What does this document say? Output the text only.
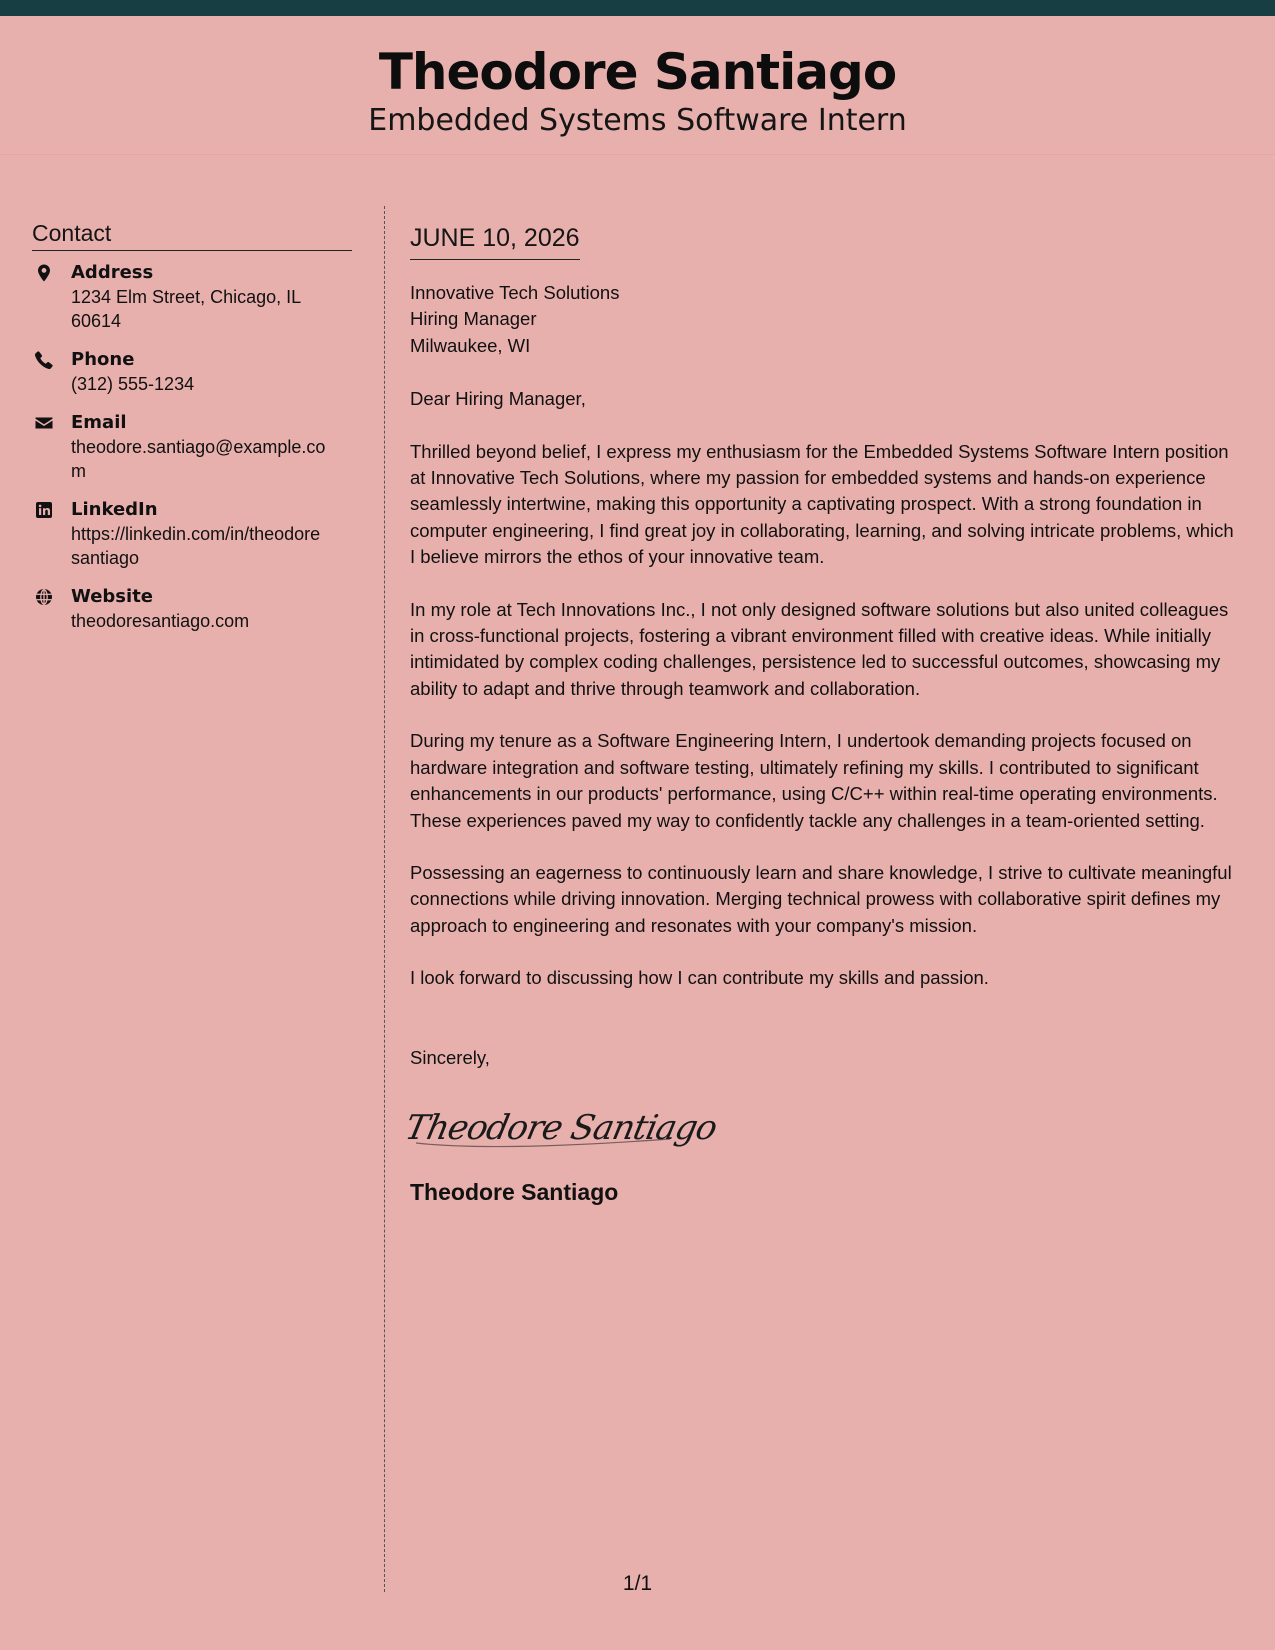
Theodore Santiago
Embedded Systems Software Intern
Contact
Address
1234 Elm Street, Chicago, IL
60614
Phone
(312) 555-1234
Email
theodore.santiago@example.co
m
LinkedIn
https://linkedin.com/in/theodore
santiago
Website
theodoresantiago.com
JUNE 10, 2026
Innovative Tech Solutions
Hiring Manager
Milwaukee, WI
Dear Hiring Manager,
Thrilled beyond belief, I express my enthusiasm for the Embedded Systems Software Intern position
at Innovative Tech Solutions, where my passion for embedded systems and hands-on experience
seamlessly intertwine, making this opportunity a captivating prospect. With a strong foundation in
computer engineering, I find great joy in collaborating, learning, and solving intricate problems, which
I believe mirrors the ethos of your innovative team.
In my role at Tech Innovations Inc., I not only designed software solutions but also united colleagues
in cross-functional projects, fostering a vibrant environment filled with creative ideas. While initially
intimidated by complex coding challenges, persistence led to successful outcomes, showcasing my
ability to adapt and thrive through teamwork and collaboration.
During my tenure as a Software Engineering Intern, I undertook demanding projects focused on
hardware integration and software testing, ultimately refining my skills. I contributed to significant
enhancements in our products' performance, using C/C++ within real-time operating environments.
These experiences paved my way to confidently tackle any challenges in a team-oriented setting.
Possessing an eagerness to continuously learn and share knowledge, I strive to cultivate meaningful
connections while driving innovation. Merging technical prowess with collaborative spirit defines my
approach to engineering and resonates with your company's mission.
I look forward to discussing how I can contribute my skills and passion.
Sincerely,
Theodore Santiago
Theodore Santiago
1/1
